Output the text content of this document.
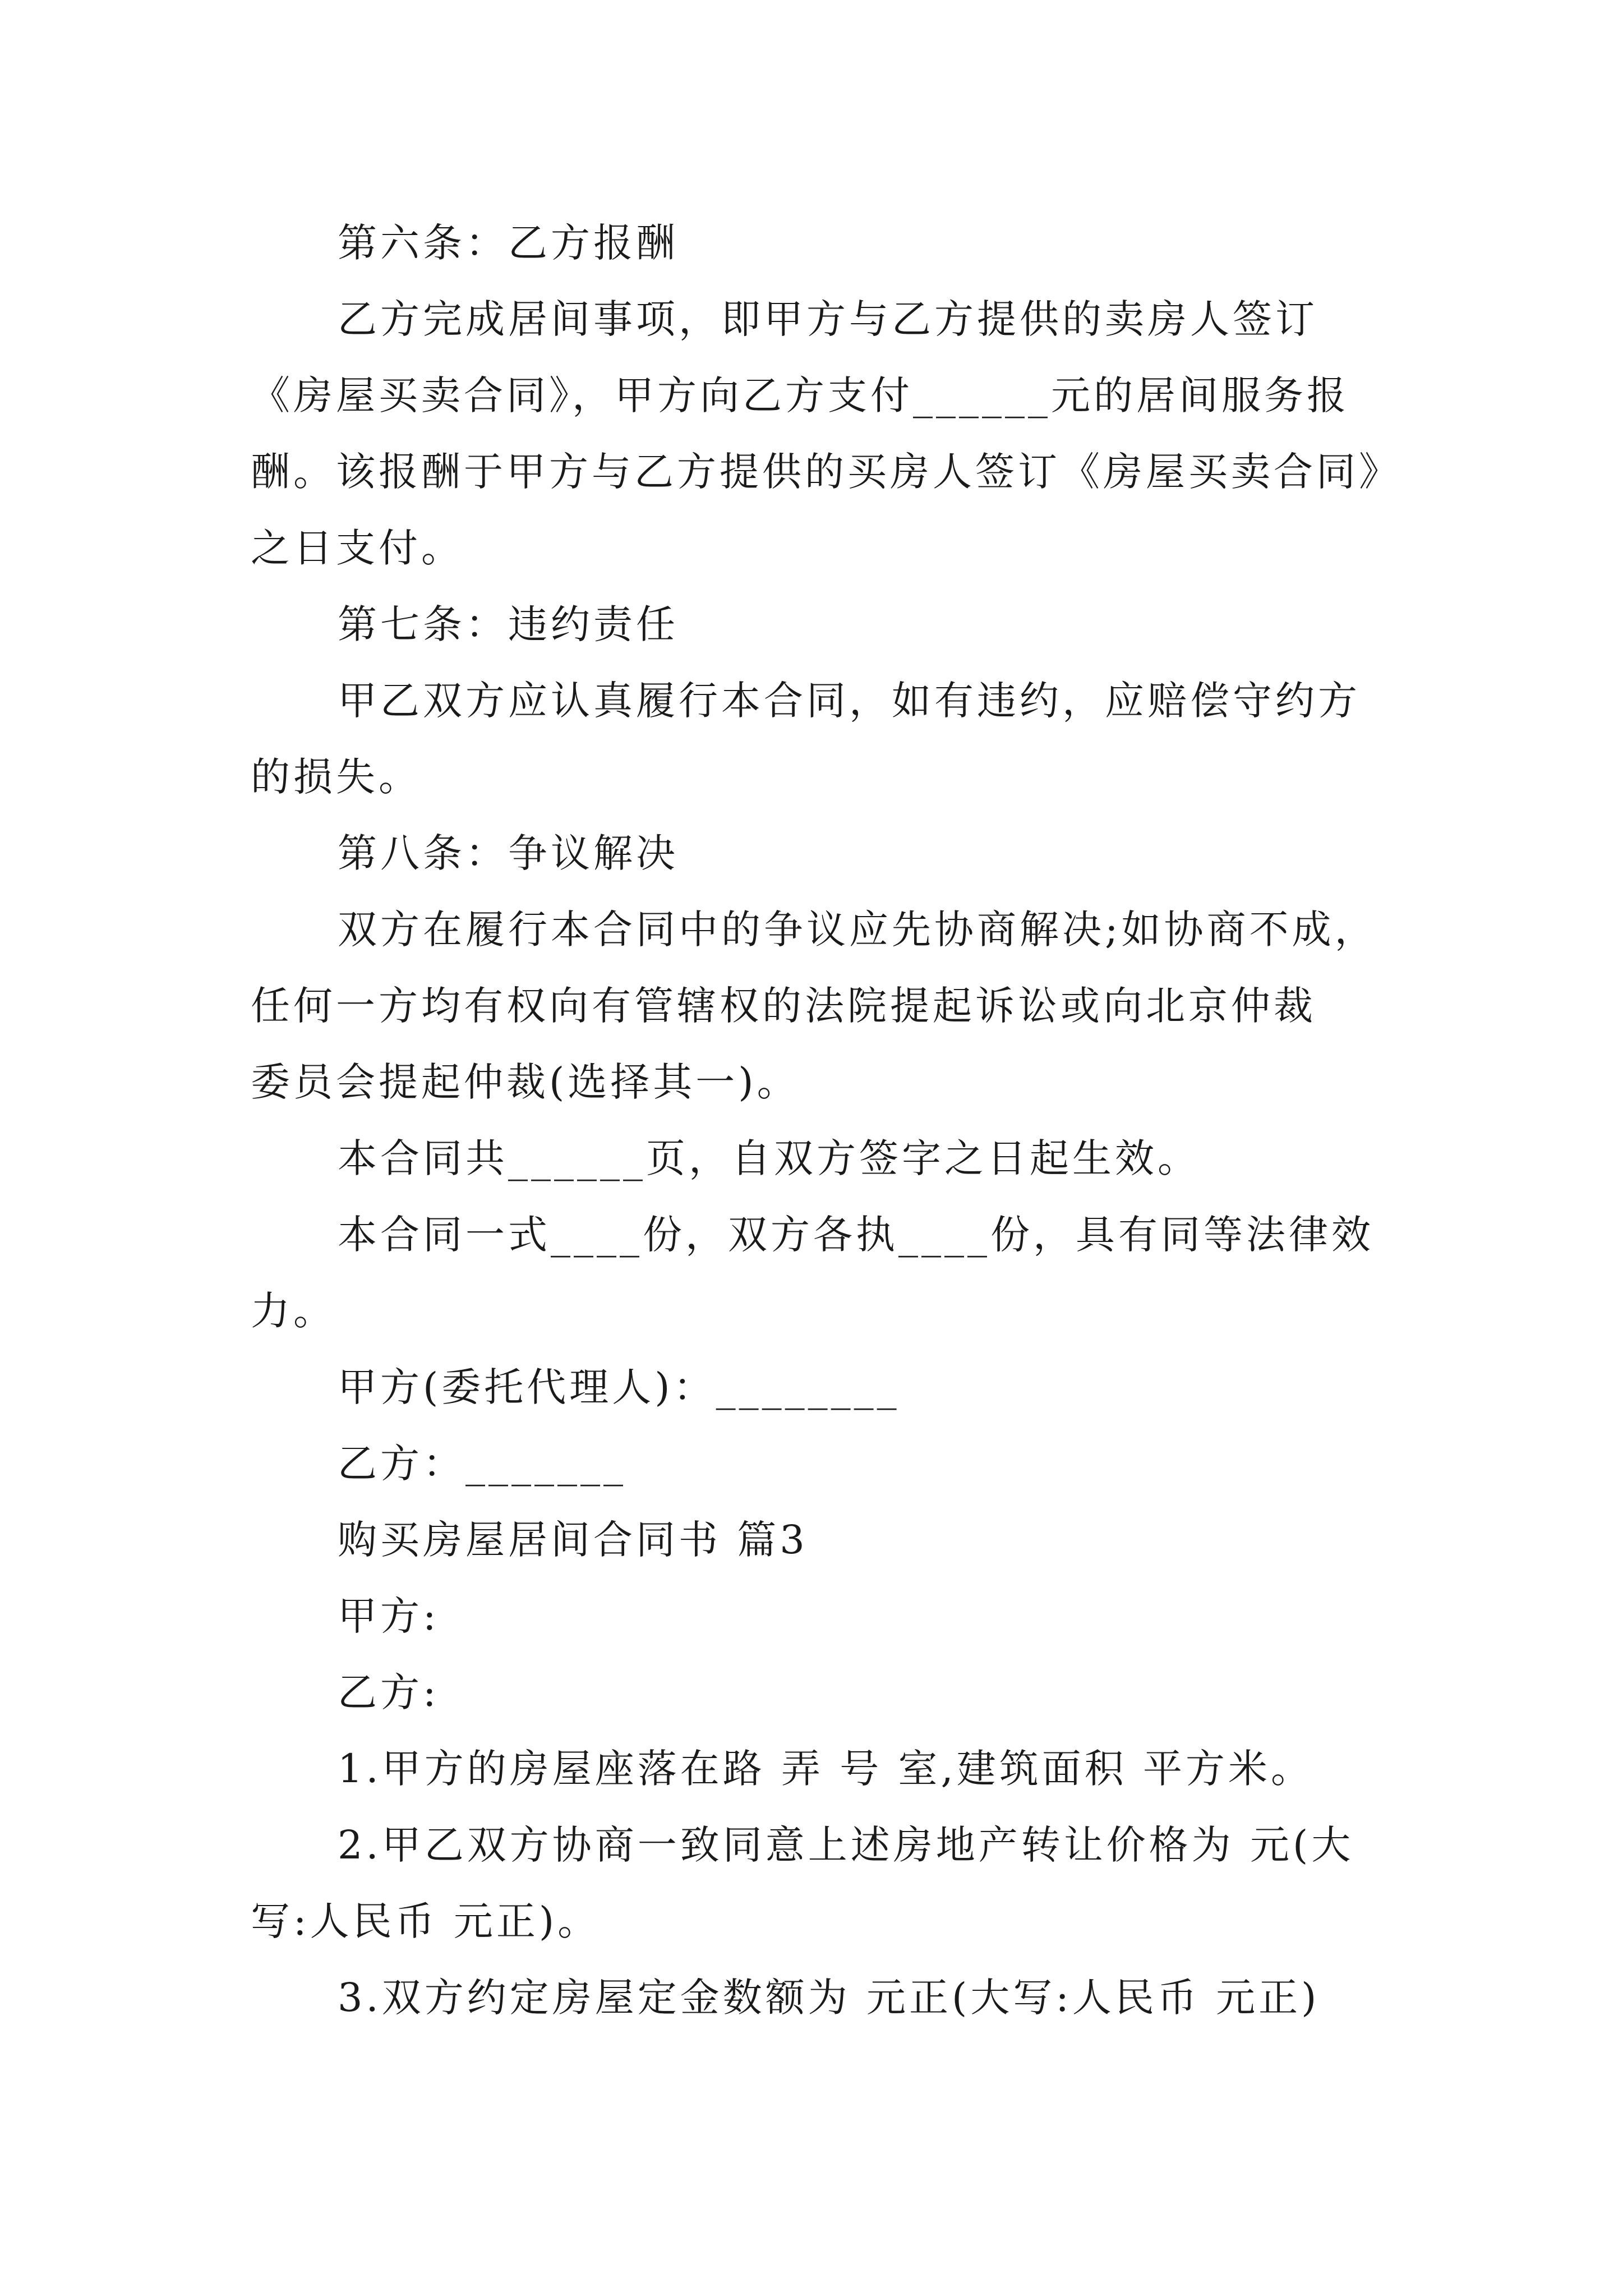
第六条：乙方报酬
乙方完成居间事项，即甲方与乙方提供的卖房人签订
《房屋买卖合同》，甲方向乙方支付______元的居间服务报
酬。该报酬于甲方与乙方提供的买房人签订《房屋买卖合同》
之日支付。
第七条：违约责任
甲乙双方应认真履行本合同，如有违约，应赔偿守约方
的损失。
第八条：争议解决
双方在履行本合同中的争议应先协商解决;如协商不成，
任何一方均有权向有管辖权的法院提起诉讼或向北京仲裁
委员会提起仲裁(选择其一)。
本合同共______页，自双方签字之日起生效。
本合同一式____份，双方各执____份，具有同等法律效
力。
甲方(委托代理人)：________
乙方：_______
购买房屋居间合同书 篇3
甲方:
乙方:
1.甲方的房屋座落在路 弄 号 室,建筑面积 平方米。
2.甲乙双方协商一致同意上述房地产转让价格为 元(大
写:人民币 元正)。
3.双方约定房屋定金数额为 元正(大写:人民币 元正)
